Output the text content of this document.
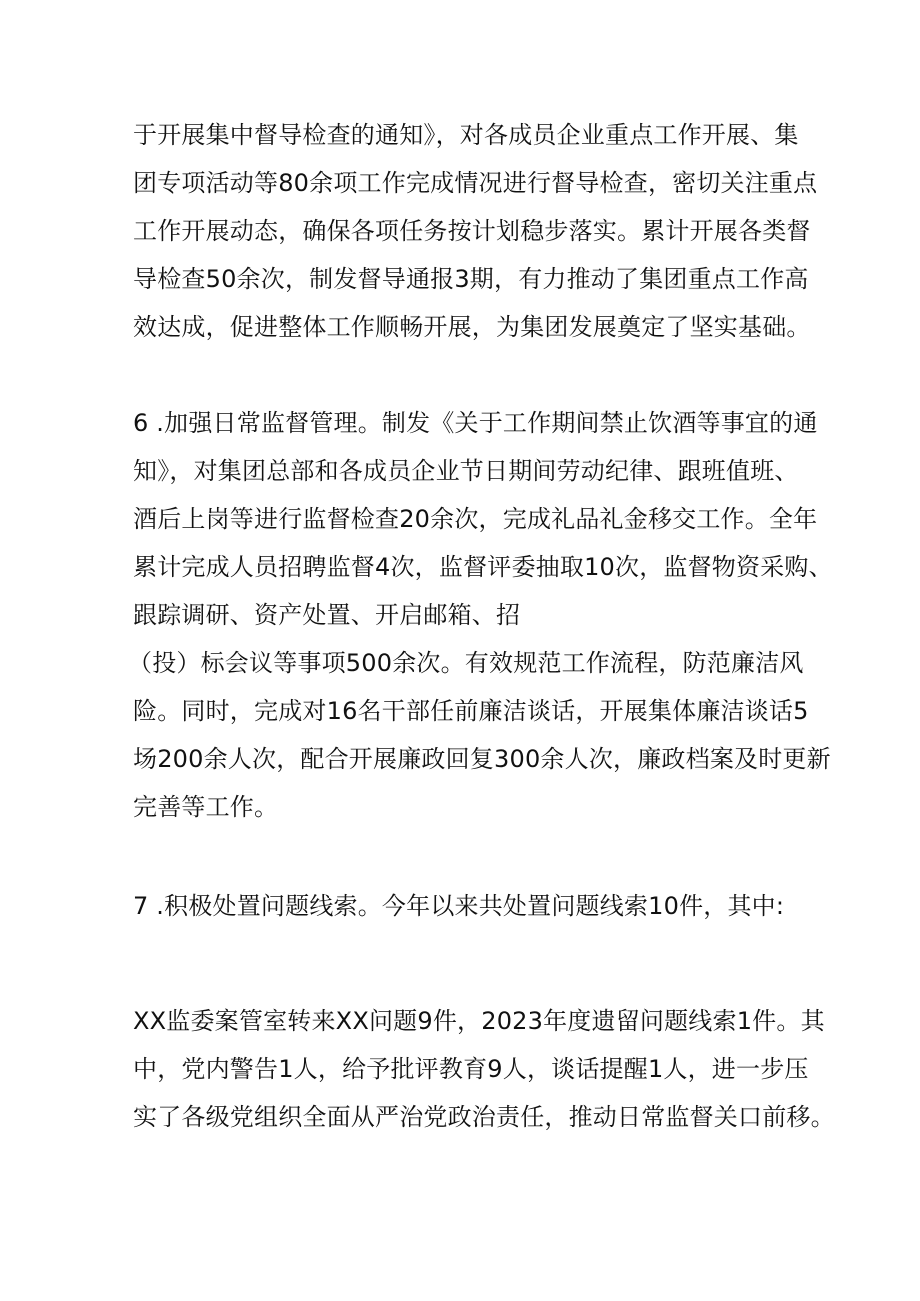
于开展集中督导检查的通知》，对各成员企业重点工作开展、集
团专项活动等80余项工作完成情况进行督导检查，密切关注重点
工作开展动态，确保各项任务按计划稳步落实。累计开展各类督
导检查50余次，制发督导通报3期，有力推动了集团重点工作高
效达成，促进整体工作顺畅开展，为集团发展奠定了坚实基础。
6 .加强日常监督管理。制发《关于工作期间禁止饮酒等事宜的通
知》，对集团总部和各成员企业节日期间劳动纪律、跟班值班、
酒后上岗等进行监督检查20余次，完成礼品礼金移交工作。全年
累计完成人员招聘监督4次，监督评委抽取10次，监督物资采购、
跟踪调研、资产处置、开启邮箱、招
（投）标会议等事项500余次。有效规范工作流程，防范廉洁风
险。同时，完成对16名干部任前廉洁谈话，开展集体廉洁谈话5
场200余人次，配合开展廉政回复300余人次，廉政档案及时更新
完善等工作。
7 .积极处置问题线索。今年以来共处置问题线索10件，其中:
XX监委案管室转来XX问题9件，2023年度遗留问题线索1件。其
中，党内警告1人，给予批评教育9人，谈话提醒1人，进一步压
实了各级党组织全面从严治党政治责任，推动日常监督关口前移。
